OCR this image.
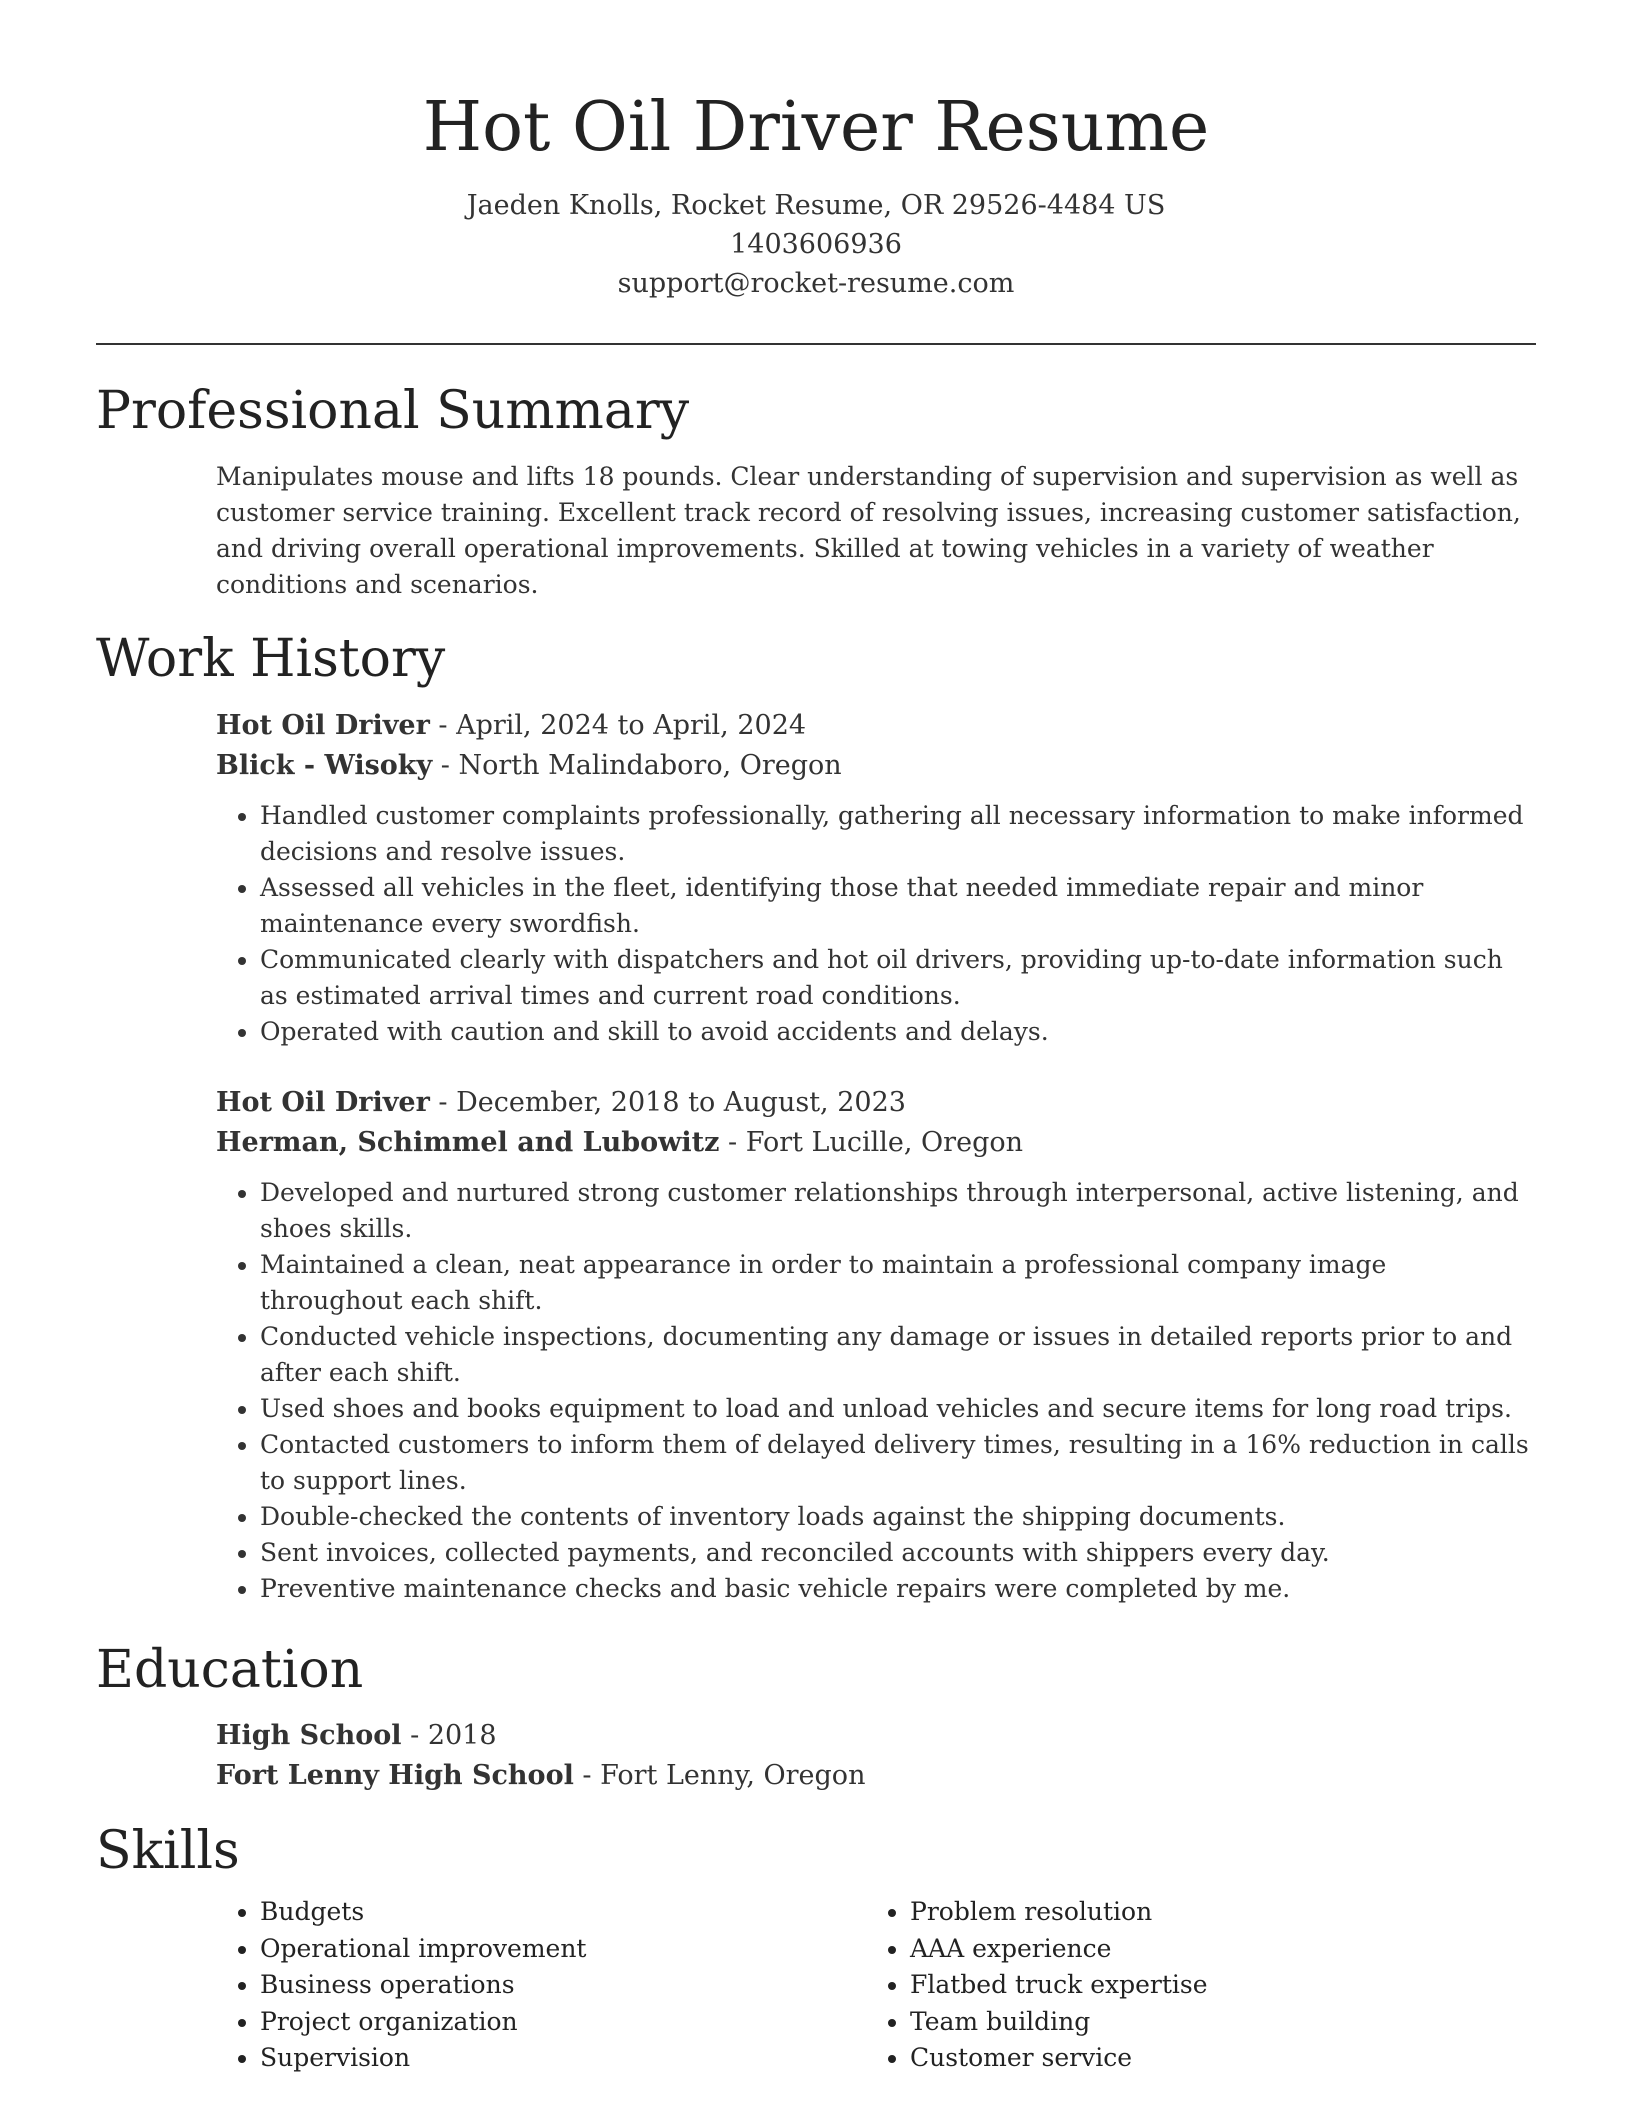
Hot Oil Driver Resume
Jaeden Knolls, Rocket Resume, OR 29526-4484 US
1403606936
support@rocket-resume.com
Professional Summary
Manipulates mouse and lifts 18 pounds. Clear understanding of supervision and supervision as well as customer service training. Excellent track record of resolving issues, increasing customer satisfaction, and driving overall operational improvements. Skilled at towing vehicles in a variety of weather conditions and scenarios.
Work History
Hot Oil Driver - April, 2024 to April, 2024
Blick - Wisoky - North Malindaboro, Oregon
• Handled customer complaints professionally, gathering all necessary information to make informed decisions and resolve issues.
• Assessed all vehicles in the fleet, identifying those that needed immediate repair and minor maintenance every swordfish.
• Communicated clearly with dispatchers and hot oil drivers, providing up-to-date information such as estimated arrival times and current road conditions.
• Operated with caution and skill to avoid accidents and delays.
Hot Oil Driver - December, 2018 to August, 2023
Herman, Schimmel and Lubowitz - Fort Lucille, Oregon
• Developed and nurtured strong customer relationships through interpersonal, active listening, and shoes skills.
• Maintained a clean, neat appearance in order to maintain a professional company image throughout each shift.
• Conducted vehicle inspections, documenting any damage or issues in detailed reports prior to and after each shift.
• Used shoes and books equipment to load and unload vehicles and secure items for long road trips.
• Contacted customers to inform them of delayed delivery times, resulting in a 16% reduction in calls to support lines.
• Double-checked the contents of inventory loads against the shipping documents.
• Sent invoices, collected payments, and reconciled accounts with shippers every day.
• Preventive maintenance checks and basic vehicle repairs were completed by me.
Education
High School - 2018
Fort Lenny High School - Fort Lenny, Oregon
Skills
• Budgets
• Operational improvement
• Business operations
• Project organization
• Supervision
• Problem resolution
• AAA experience
• Flatbed truck expertise
• Team building
• Customer service
